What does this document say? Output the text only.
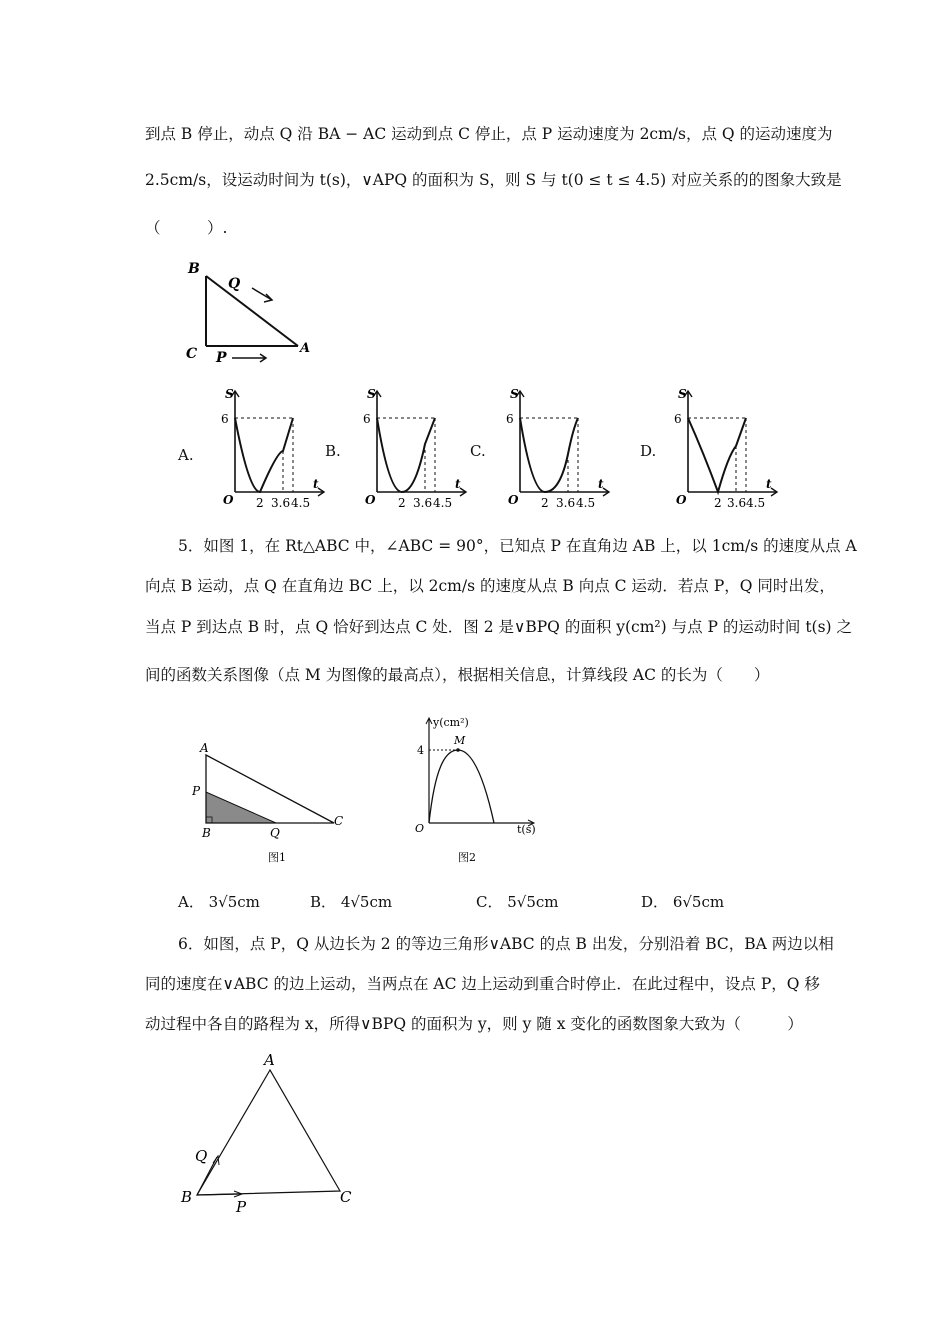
到点 B 停止，动点 Q 沿 BA − AC 运动到点 C 停止，点 P 运动速度为 2cm/s，点 Q 的运动速度为
2.5cm/s，设运动时间为 t(s)，∨APQ 的面积为 S，则 S 与 t(0 ≤ t ≤ 4.5) 对应关系的的图象大致是
（　　　）.
B
Q
C P
A
A.
S
6
t
O 2 3.6 4.5
B.
S
6
t
O 2 3.6 4.5
C.
S
6
t
O 2 3.6 4.5
D.
S
6
t
O 2 3.6 4.5
5．如图 1，在 Rt△ABC 中，∠ABC = 90°，已知点 P 在直角边 AB 上，以 1cm/s 的速度从点 A
向点 B 运动，点 Q 在直角边 BC 上，以 2cm/s 的速度从点 B 向点 C 运动．若点 P，Q 同时出发，
当点 P 到达点 B 时，点 Q 恰好到达点 C 处．图 2 是∨BPQ 的面积 y(cm²) 与点 P 的运动时间 t(s) 之
间的函数关系图像（点 M 为图像的最高点），根据相关信息，计算线段 AC 的长为（　　）
A
P
B	Q
C
图1
y(cm²)
4
M
O	t(s)
图2
A． 3√5cm	B． 4√5cm	C． 5√5cm	D． 6√5cm
6．如图，点 P，Q 从边长为 2 的等边三角形∨ABC 的点 B 出发，分别沿着 BC，BA 两边以相
同的速度在∨ABC 的边上运动，当两点在 AC 边上运动到重合时停止．在此过程中，设点 P，Q 移
动过程中各自的路程为 x，所得∨BPQ 的面积为 y，则 y 随 x 变化的函数图象大致为（　　　）
A
Q
B
P
C
